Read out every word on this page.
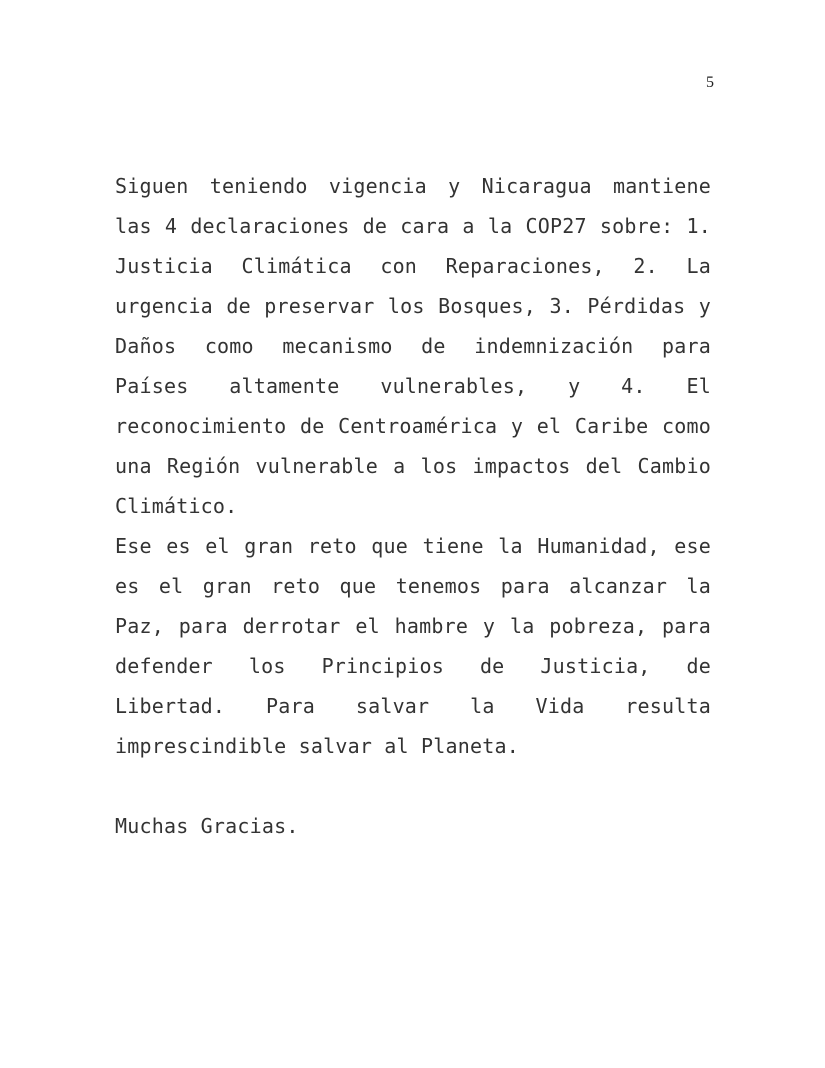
5

Siguen teniendo vigencia y Nicaragua mantiene las 4 declaraciones de cara a la COP27 sobre: 1. Justicia Climática con Reparaciones, 2. La urgencia de preservar los Bosques, 3. Pérdidas y Daños como mecanismo de indemnización para Países altamente vulnerables, y 4. El reconocimiento de Centroamérica y el Caribe como una Región vulnerable a los impactos del Cambio Climático.

Ese es el gran reto que tiene la Humanidad, ese es el gran reto que tenemos para alcanzar la Paz, para derrotar el hambre y la pobreza, para defender los Principios de Justicia, de Libertad. Para salvar la Vida resulta imprescindible salvar al Planeta.

Muchas Gracias.
